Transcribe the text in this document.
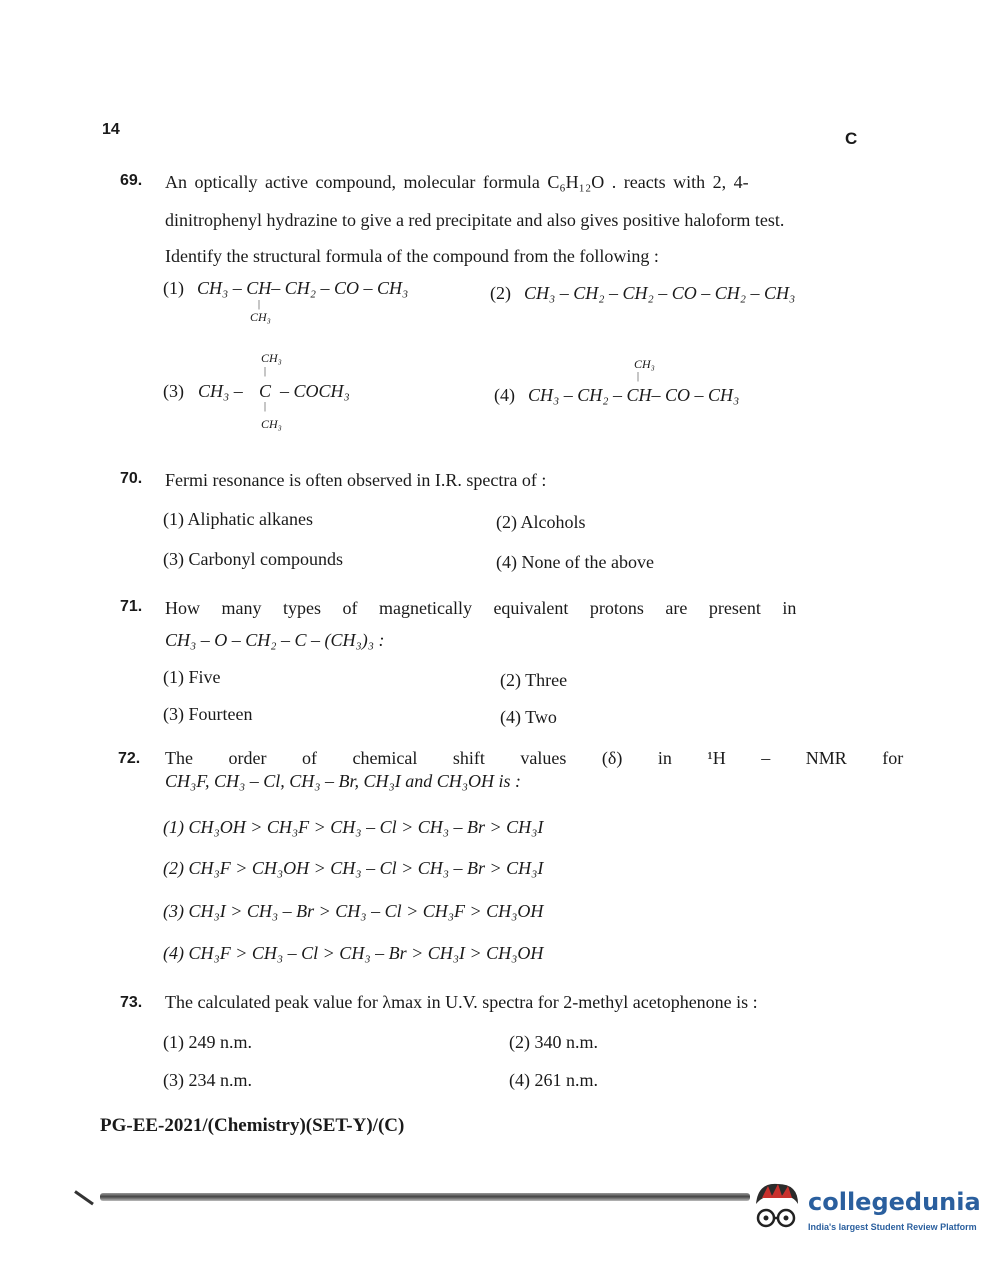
14	C
69. An optically active compound, molecular formula C₆H₁₂O . reacts with 2, 4-
dinitrophenyl hydrazine to give a red precipitate and also gives positive haloform test.
Identify the structural formula of the compound from the following :
(1) CH₃ – CH– CH₂ – CO – CH₃
|
CH₃
(2) CH₃ – CH₂ – CH₂ – CO – CH₂ – CH₃
CH₃
|
(3) CH₃ – C – COCH₃
|
CH₃
CH₃
|
(4) CH₃ – CH₂ – CH– CO – CH₃
70. Fermi resonance is often observed in I.R. spectra of :
(1) Aliphatic alkanes	(2) Alcohols
(3) Carbonyl compounds	(4) None of the above
71. How many types of magnetically equivalent protons are present in
CH₃ – O – CH₂ – C – (CH₃)₃ :
(1) Five	(2) Three
(3) Fourteen	(4) Two
72. The order of chemical shift values (δ) in ¹H – NMR for
CH₃F, CH₃ – Cl, CH₃ – Br, CH₃I and CH₃OH is :
(1) CH₃OH > CH₃F > CH₃ – Cl > CH₃ – Br > CH₃I
(2) CH₃F > CH₃OH > CH₃ – Cl > CH₃ – Br > CH₃I
(3) CH₃I > CH₃ – Br > CH₃ – Cl > CH₃F > CH₃OH
(4) CH₃F > CH₃ – Cl > CH₃ – Br > CH₃I > CH₃OH
73. The calculated peak value for λmax in U.V. spectra for 2-methyl acetophenone is :
(1) 249 n.m.	(2) 340 n.m.
(3) 234 n.m.	(4) 261 n.m.
PG-EE-2021/(Chemistry)(SET-Y)/(C)
collegedunia
India's largest Student Review Platform
